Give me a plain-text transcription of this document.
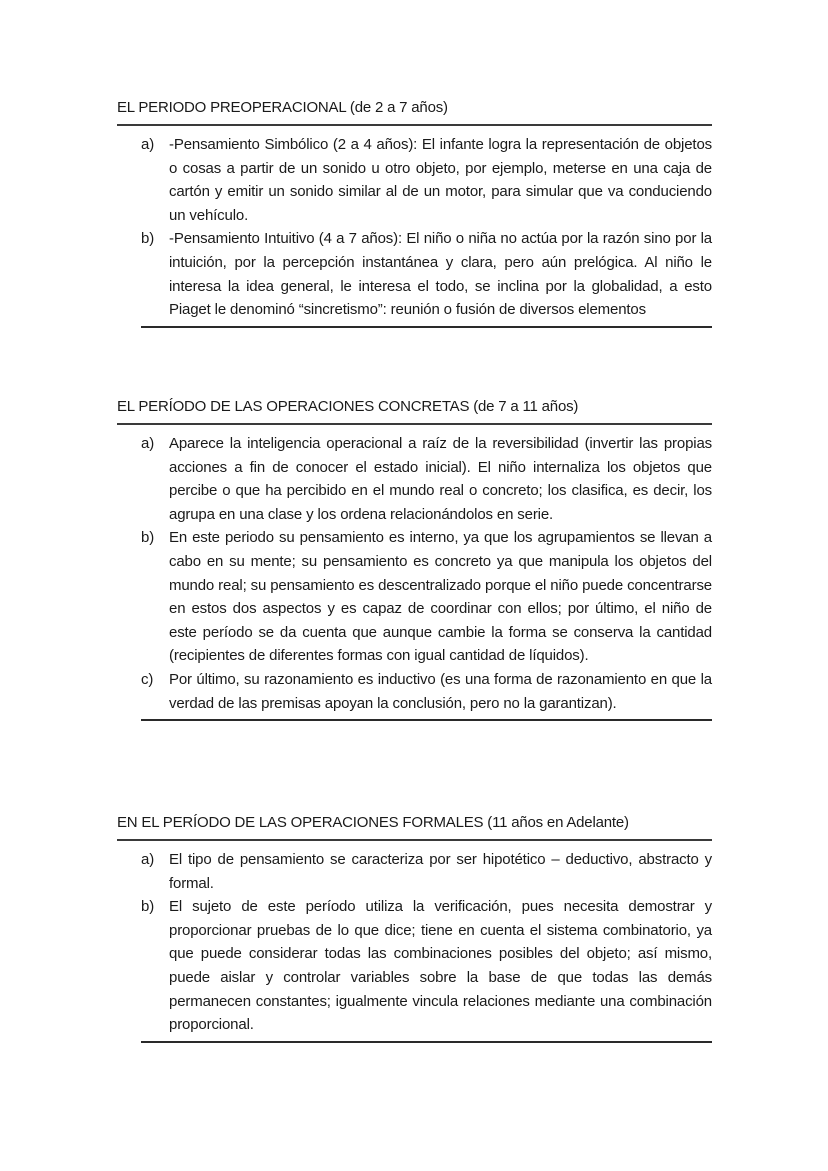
EL PERIODO PREOPERACIONAL (de 2 a 7 años)
a) -Pensamiento Simbólico (2 a 4 años): El infante logra la representación de objetos o cosas a partir de un sonido u otro objeto, por ejemplo, meterse en una caja de cartón y emitir un sonido similar al de un motor, para simular que va conduciendo un vehículo.
b) -Pensamiento Intuitivo (4 a 7 años): El niño o niña no actúa por la razón sino por la intuición, por la percepción instantánea y clara, pero aún prelógica. Al niño le interesa la idea general, le interesa el todo, se inclina por la globalidad, a esto Piaget le denominó “sincretismo”: reunión o fusión de diversos elementos
EL PERÍODO DE LAS OPERACIONES CONCRETAS (de 7 a 11 años)
a) Aparece la inteligencia operacional a raíz de la reversibilidad (invertir las propias acciones a fin de conocer el estado inicial). El niño internaliza los objetos que percibe o que ha percibido en el mundo real o concreto; los clasifica, es decir, los agrupa en una clase y los ordena relacionándolos en serie.
b) En este periodo su pensamiento es interno, ya que los agrupamientos se llevan a cabo en su mente; su pensamiento es concreto ya que manipula los objetos del mundo real; su pensamiento es descentralizado porque el niño puede concentrarse en estos dos aspectos y es capaz de coordinar con ellos; por último, el niño de este período se da cuenta que aunque cambie la forma se conserva la cantidad (recipientes de diferentes formas con igual cantidad de líquidos).
c) Por último, su razonamiento es inductivo (es una forma de razonamiento en que la verdad de las premisas apoyan la conclusión, pero no la garantizan).
EN EL PERÍODO DE LAS OPERACIONES FORMALES (11 años en Adelante)
a) El tipo de pensamiento se caracteriza por ser hipotético – deductivo, abstracto y formal.
b) El sujeto de este período utiliza la verificación, pues necesita demostrar y proporcionar pruebas de lo que dice; tiene en cuenta el sistema combinatorio, ya que puede considerar todas las combinaciones posibles del objeto; así mismo, puede aislar y controlar variables sobre la base de que todas las demás permanecen constantes; igualmente vincula relaciones mediante una combinación proporcional.
